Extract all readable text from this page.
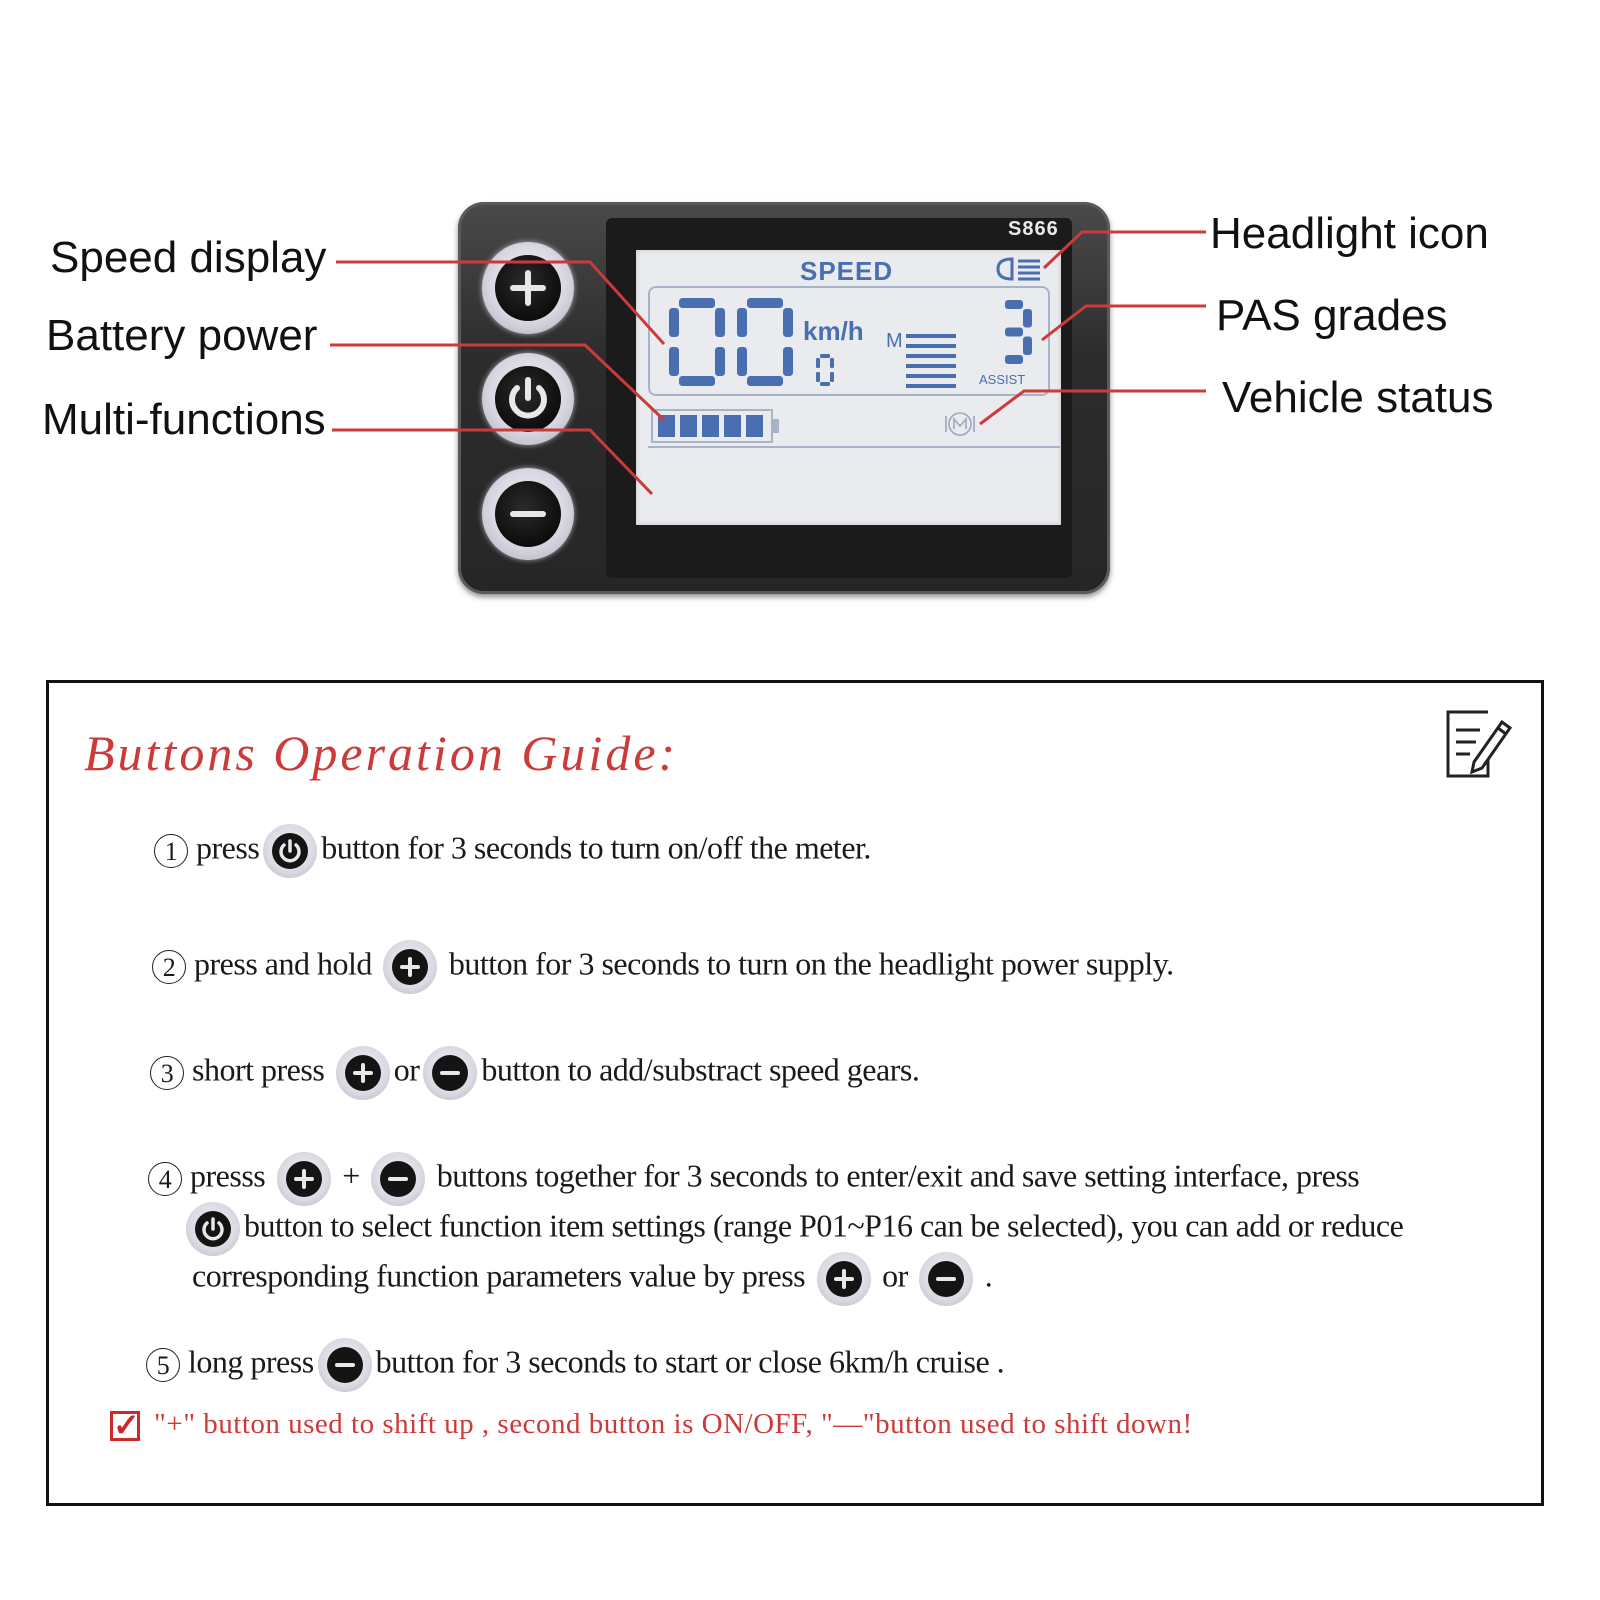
Speed display
Battery power
Multi-functions
Headlight icon
PAS grades
Vehicle status
S866
SPEED
km/h M
ASSIST
Buttons Operation Guide:
1 press button for 3 seconds to turn on/off the meter.
2 press and hold button for 3 seconds to turn on the headlight power supply.
3 short press or button to add/substract speed gears.
4 presss + buttons together for 3 seconds to enter/exit and save setting interface, press
button to select function item settings (range P01~P16 can be selected), you can add or reduce
corresponding function parameters value by press or .
5 long press button for 3 seconds to start or close 6km/h cruise .
✓ "+" button used to shift up , second button is ON/OFF, "—"button used to shift down!
